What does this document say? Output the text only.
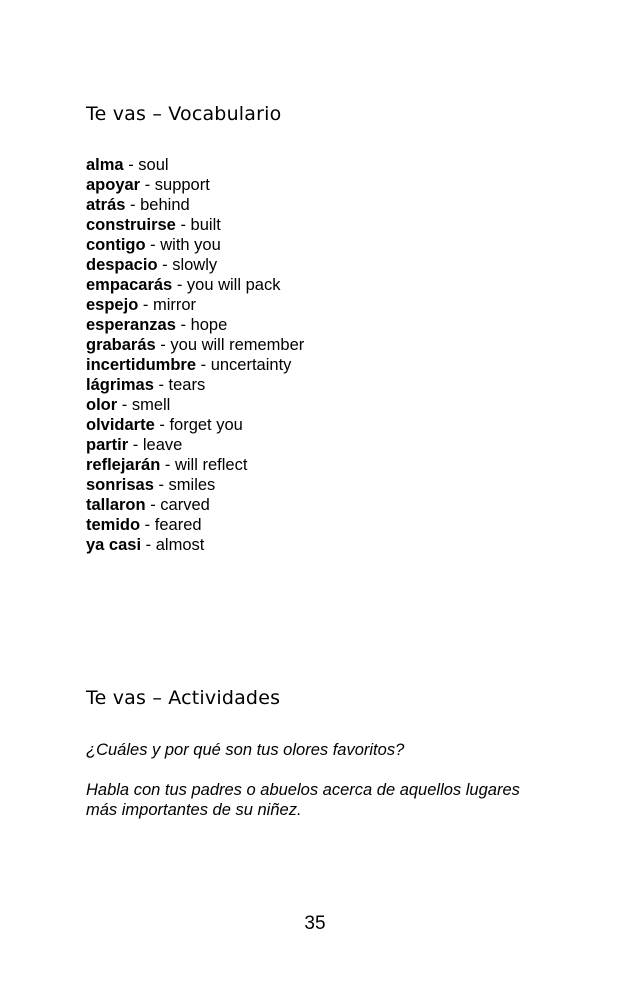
Te vas – Vocabulario
alma - soul
apoyar - support
atrás - behind
construirse - built
contigo - with you
despacio - slowly
empacarás - you will pack
espejo - mirror
esperanzas - hope
grabarás - you will remember
incertidumbre - uncertainty
lágrimas - tears
olor - smell
olvidarte - forget you
partir - leave
reflejarán - will reflect
sonrisas - smiles
tallaron - carved
temido - feared
ya casi - almost
Te vas – Actividades

¿Cuáles y por qué son tus olores favoritos?

Habla con tus padres o abuelos acerca de aquellos lugares más importantes de su niñez.

35
